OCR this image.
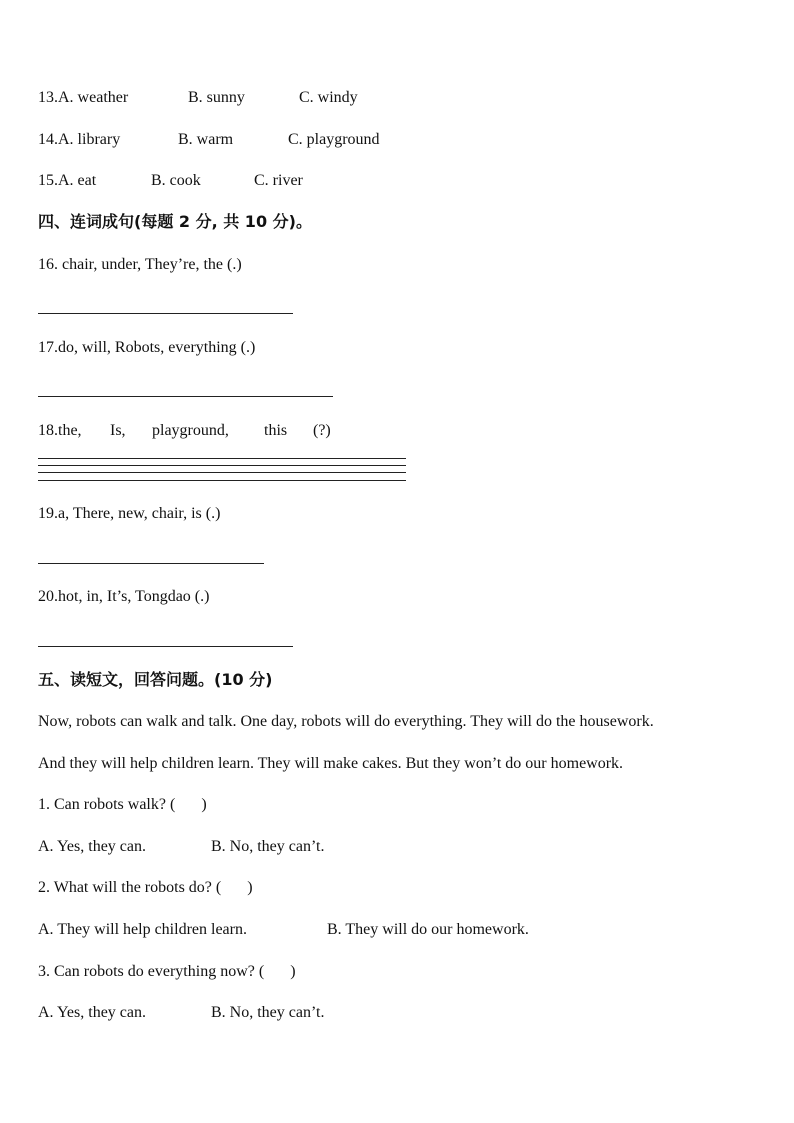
13.A. weather	B. sunny	C. windy
14.A. library	B. warm	C. playground
15.A. eat	B. cook	C. river
四、连词成句(每题 2 分, 共 10 分)。
16. chair, under, They’re, the (.)
17.do, will, Robots, everything (.)
18.the, Is, playground, this (?)
19.a, There, new, chair, is (.)
20.hot, in, It’s, Tongdao (.)
五、读短文，回答问题。(10 分)
Now, robots can walk and talk. One day, robots will do everything. They will do the housework.
And they will help children learn. They will make cakes. But they won’t do our homework.
1. Can robots walk? ( )
A. Yes, they can.	B. No, they can’t.
2. What will the robots do? ( )
A. They will help children learn.	B. They will do our homework.
3. Can robots do everything now? ( )
A. Yes, they can.	B. No, they can’t.
